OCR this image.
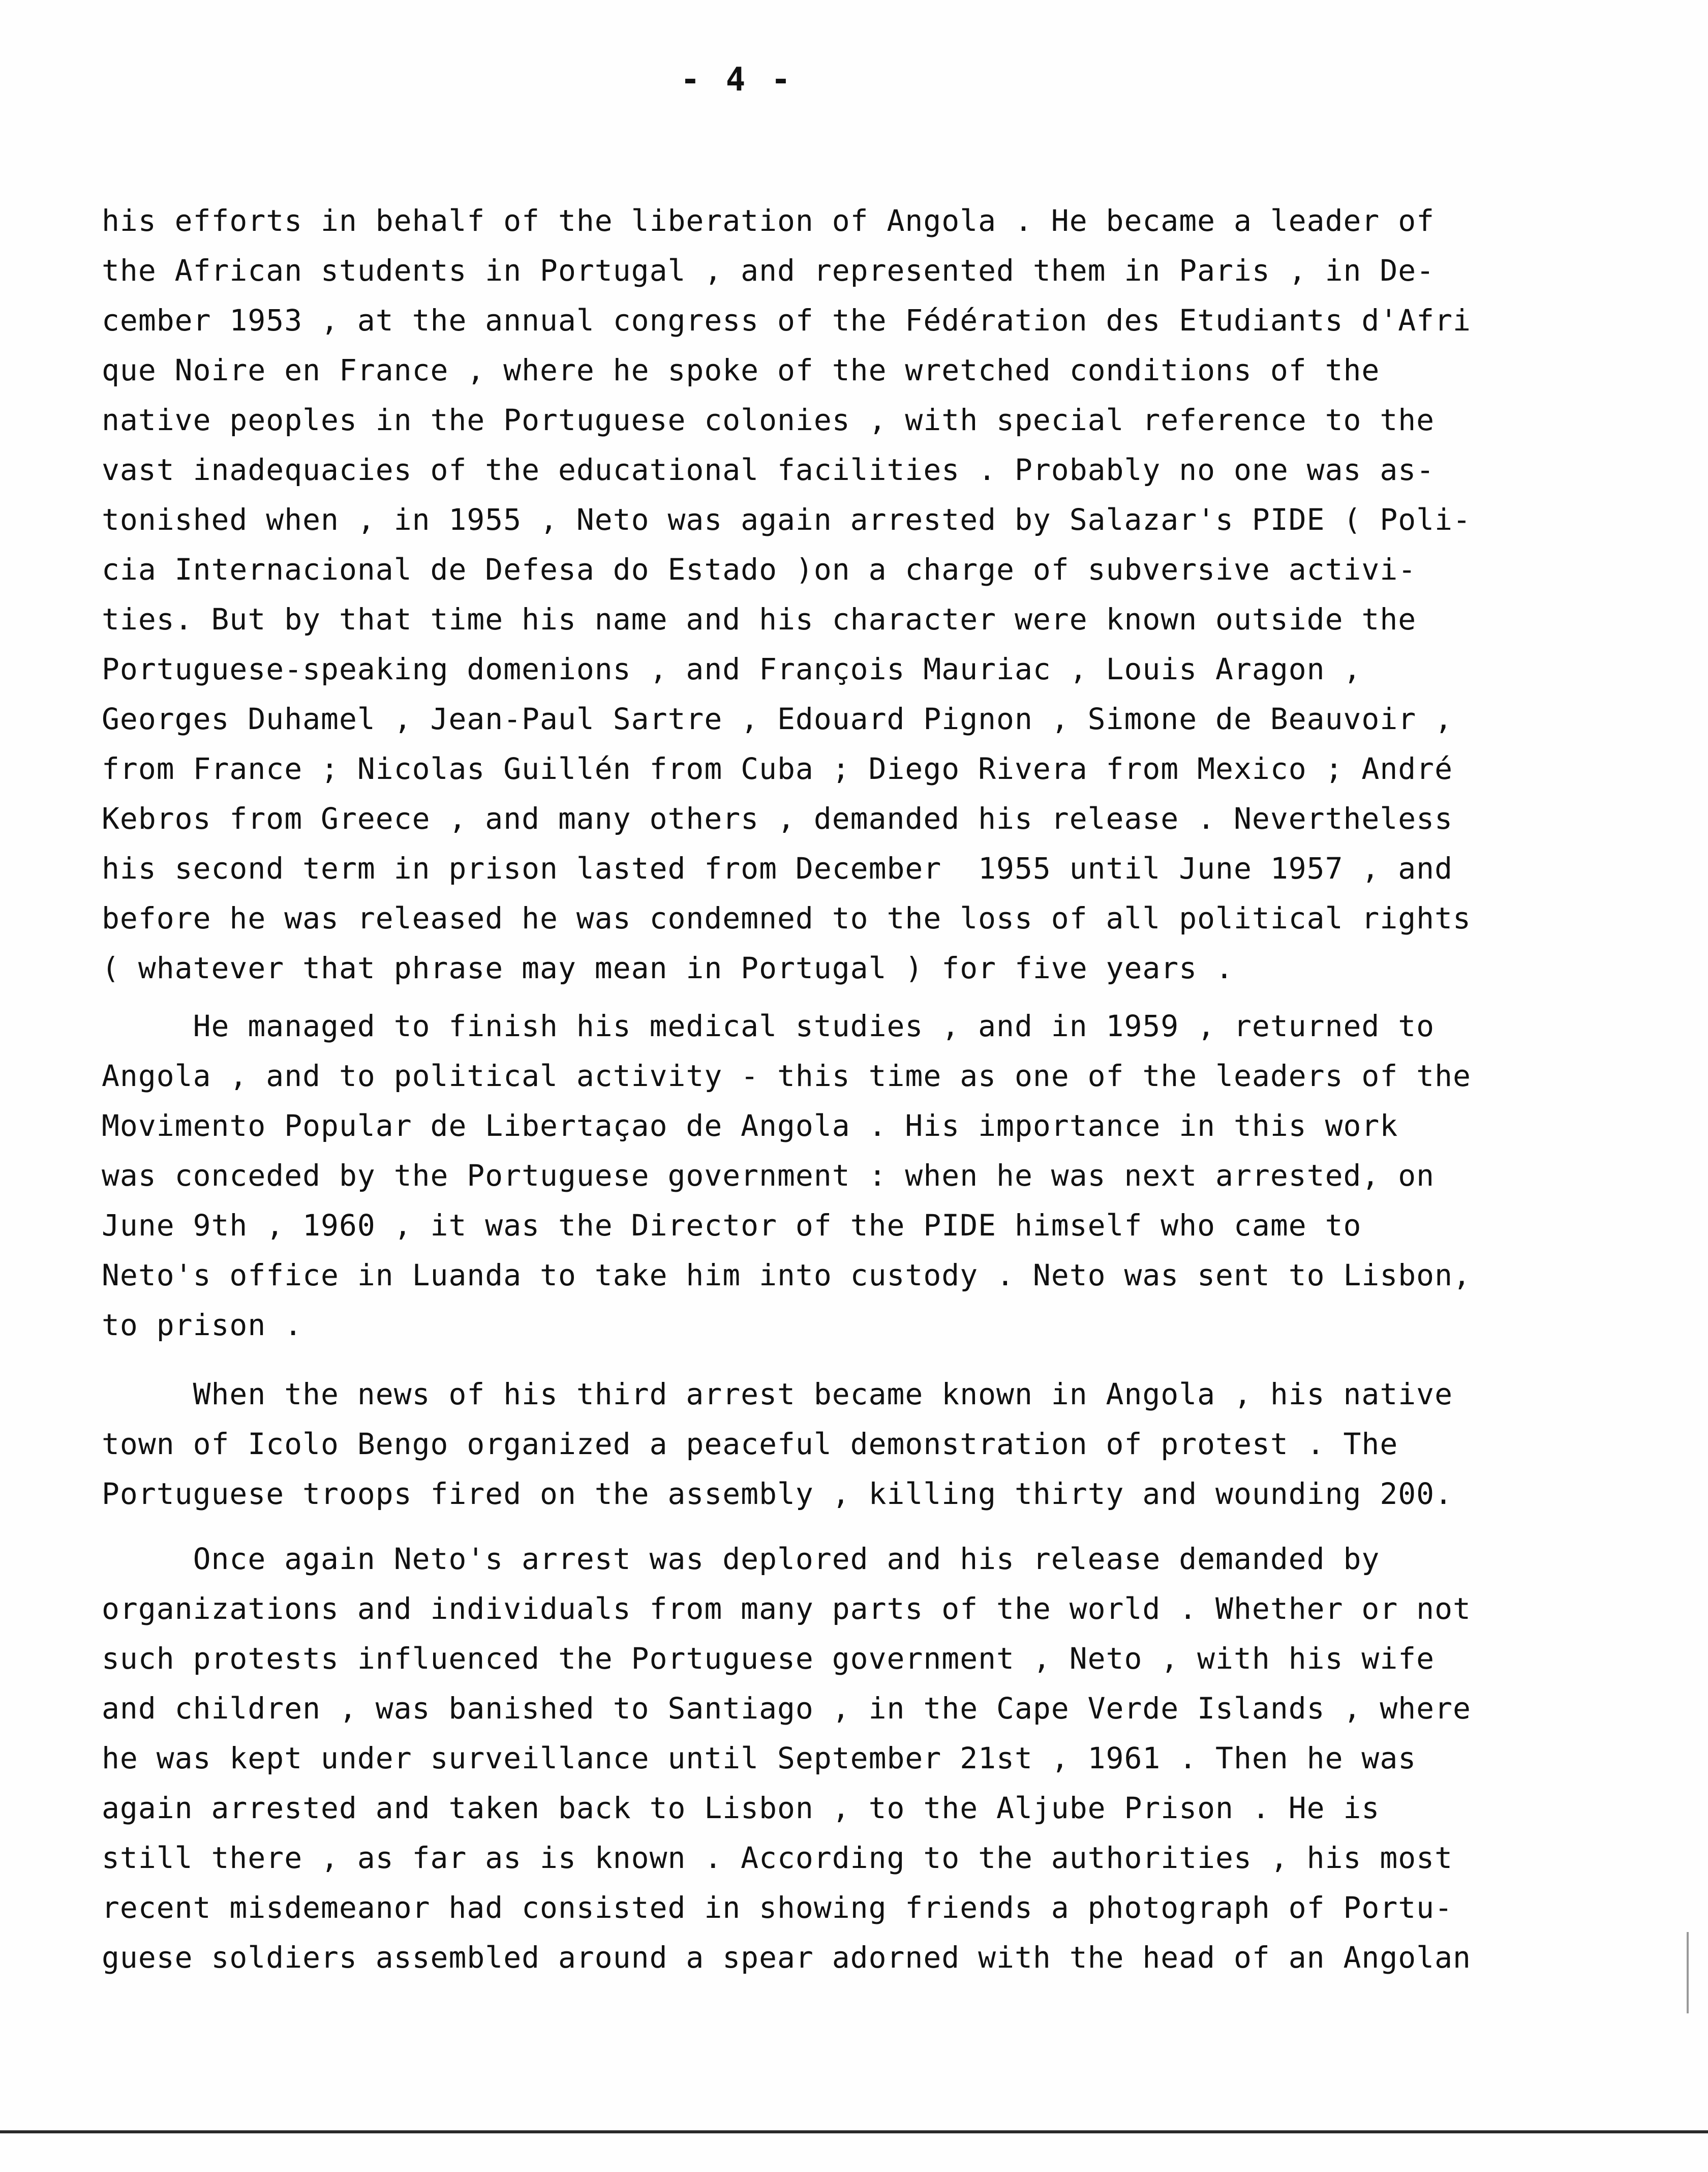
- 4 -
his efforts in behalf of the liberation of Angola . He became a leader of
the African students in Portugal , and represented them in Paris , in De-
cember 1953 , at the annual congress of the Fédération des Etudiants d'Afri
que Noire en France , where he spoke of the wretched conditions of the
native peoples in the Portuguese colonies , with special reference to the
vast inadequacies of the educational facilities . Probably no one was as-
tonished when , in 1955 , Neto was again arrested by Salazar's PIDE ( Poli-
cia Internacional de Defesa do Estado )on a charge of subversive activi-
ties. But by that time his name and his character were known outside the
Portuguese-speaking domenions , and François Mauriac , Louis Aragon ,
Georges Duhamel , Jean-Paul Sartre , Edouard Pignon , Simone de Beauvoir ,
from France ; Nicolas Guillén from Cuba ; Diego Rivera from Mexico ; André
Kebros from Greece , and many others , demanded his release . Nevertheless
his second term in prison lasted from December  1955 until June 1957 , and
before he was released he was condemned to the loss of all political rights
( whatever that phrase may mean in Portugal ) for five years .
He managed to finish his medical studies , and in 1959 , returned to
Angola , and to political activity - this time as one of the leaders of the
Movimento Popular de Libertaçao de Angola . His importance in this work
was conceded by the Portuguese government : when he was next arrested, on
June 9th , 1960 , it was the Director of the PIDE himself who came to
Neto's office in Luanda to take him into custody . Neto was sent to Lisbon,
to prison .
When the news of his third arrest became known in Angola , his native
town of Icolo Bengo organized a peaceful demonstration of protest . The
Portuguese troops fired on the assembly , killing thirty and wounding 200.
Once again Neto's arrest was deplored and his release demanded by
organizations and individuals from many parts of the world . Whether or not
such protests influenced the Portuguese government , Neto , with his wife
and children , was banished to Santiago , in the Cape Verde Islands , where
he was kept under surveillance until September 21st , 1961 . Then he was
again arrested and taken back to Lisbon , to the Aljube Prison . He is
still there , as far as is known . According to the authorities , his most
recent misdemeanor had consisted in showing friends a photograph of Portu-
guese soldiers assembled around a spear adorned with the head of an Angolan
